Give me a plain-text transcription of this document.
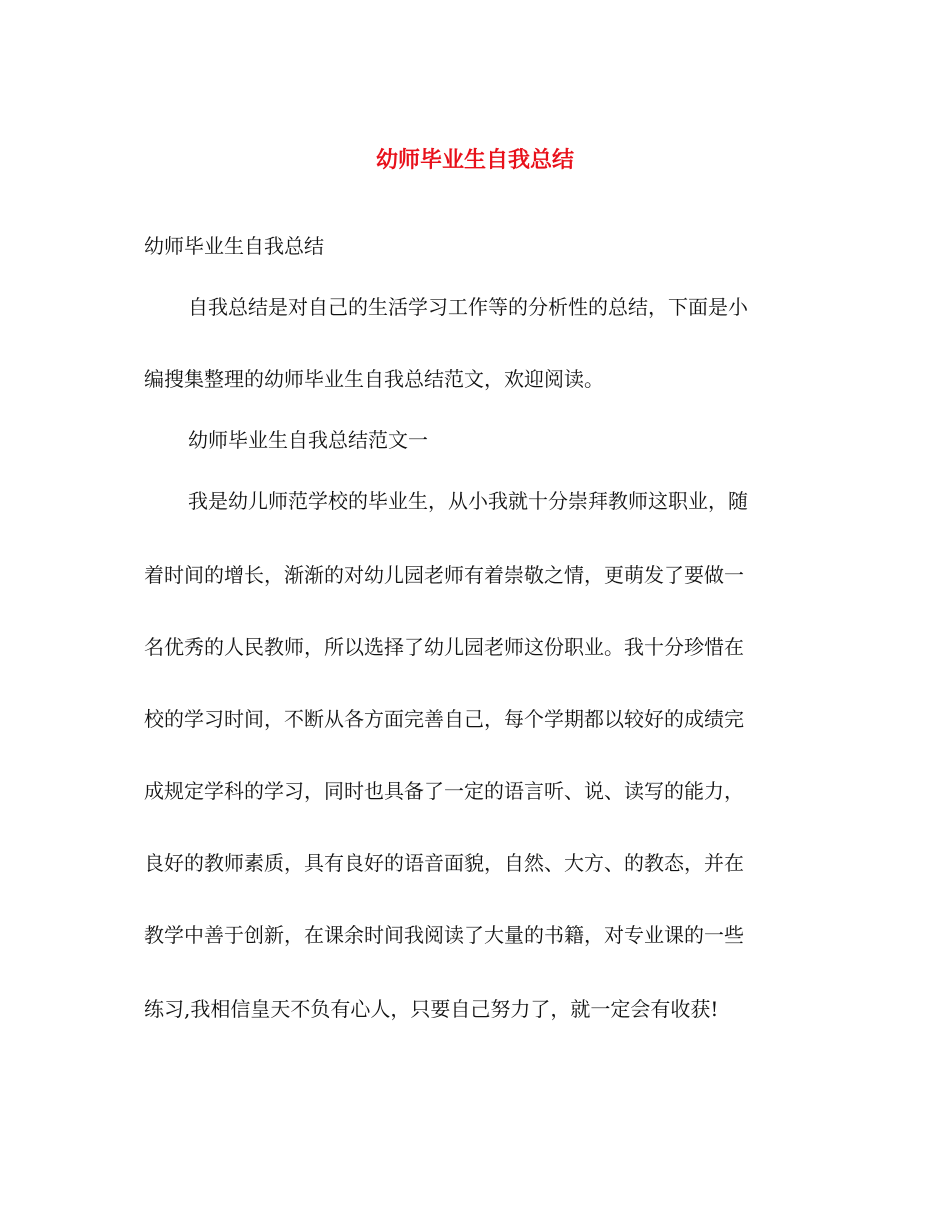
幼师毕业生自我总结
幼师毕业生自我总结
自我总结是对自己的生活学习工作等的分析性的总结，下面是小
编搜集整理的幼师毕业生自我总结范文，欢迎阅读。
幼师毕业生自我总结范文一
我是幼儿师范学校的毕业生，从小我就十分崇拜教师这职业，随
着时间的增长，渐渐的对幼儿园老师有着崇敬之情，更萌发了要做一
名优秀的人民教师，所以选择了幼儿园老师这份职业。我十分珍惜在
校的学习时间，不断从各方面完善自己，每个学期都以较好的成绩完
成规定学科的学习，同时也具备了一定的语言听、说、读写的能力，
良好的教师素质，具有良好的语音面貌，自然、大方、的教态，并在
教学中善于创新，在课余时间我阅读了大量的书籍，对专业课的一些
练习,我相信皇天不负有心人，只要自己努力了，就一定会有收获!
